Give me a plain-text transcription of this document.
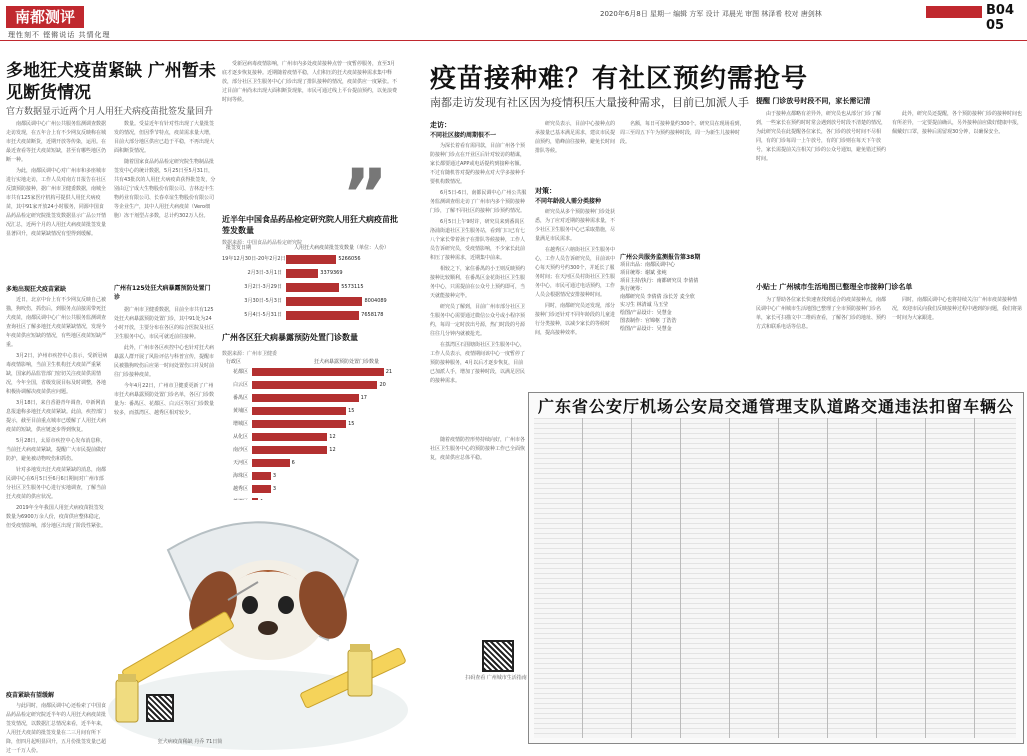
南都测评
理性刻不 铿锵说话 共情化理
2020年6月8日 星期一 编辑 方军 设计 邓晨光 审图 林泽希 校对 唐剑林	B04 05
多地狂犬疫苗紧缺 广州暂未见断货情况
官方数据显示近两个月人用狂犬病疫苗批签发量回升

南都民调中心广州公共服务监测调查数据走访发现，在五年合上有不少网友反映称在城市狂犬疫苗断货，近期开放等传染，运用。在最近查看等狂犬疫苗短缺，甚至有哪些地区仍断一种。

为此，南都民调中心对广州市和多座城市进行实地走访，工作人员对南方日报告在社区反馈预防接种，据广州市卫健委数据，南城全市共有125家医疗机构可提供人用狂犬病疫苗，其中91家开放24小时服务，同源中国食品药品检定研究院批签发数据显示广品公开情况汇总，近两个月的人用狂犬病疫苗批签发量显著回升，疫苗紧缺情况有望得到缓解。

多地出现狂犬疫苗紧缺

近日，北京中台上有不少网友反映自己被猫，狗咬伤，抓伤后，到服务点前接需带死狂犬疫苗，南都民调中心广州公共服务监测调查查询社区了解多地狂犬疫苗紧缺情况，发现今年疫苗供应短缺的情况，有些地区疫苗短缺严重。

3月2日，泸州市疾控中心表示，受新冠病毒疫情影响，当前卫生机构狂犬疫苗严重紧缺，国家药品监管部门密切关注疫苗供需情况，今年全国，省级发展目标及时调整，各地积极协调解决疫苗供应问题。

3月18日，来自香港青年调查，中新网消息报道称多地狂犬疫苗紧缺。此前，疾控部门提示，截至目前重点城市已缓解了人用狂犬病疫苗的短缺，供应链逐步得到恢复。

5月28日，太原市疾控中心发布消息称，当前狂犬病疫苗紧缺，提醒广大市民提前做好防护，避免被动物咬伤和抓伤。

针对多地发出狂犬疫苗紧缺的消息，南都民调中心在6月5日至6月6日期间对广州市部分社区卫生服务中心进行实地调查，了解当前狂犬疫苗的供应状况。

2019年全年我国人用狂犬病疫苗批签发数量为6900万余人份，疫苗供应整体稳定，但受疫情影响，部分地区出现了阶段性紧张。

疫苗紧缺有望缓解

与此同时，南都民调中心还检索了中国食品药品检定研究院近半年的人用狂犬病疫苗批签发情况，以数据汇总情况来看，近半年来，人用狂犬疫苗的批签发量在二三月间有所下降，但四月起明显回升，五月份批签发量已超过一千万人份。

数量。受益近年有针对性出现了大量批签发的情况，但因季节特点，疫苗需求量大增，目前大部分地区供应已趋于平稳，不再出现大面积断货情况。

随着国家食品药品检定研究院生物制品批签发中心的统计数据，5月25日至5月31日，共有43批次的人用狂犬病疫苗获得批签发，分别由辽宁成大生物股份有限公司、吉林迈丰生物药业有限公司、长春卓谊生物股份有限公司等企业生产，其中人用狂犬病疫苗（Vero细胞）冻干剂型占多数，总计约302万人份。

广州有125处狂犬病暴露预防处置门诊

据广州市卫健委数据，目前全市共有125处狂犬病暴露预防处置门诊，其中91处为24小时开放，主要分布在各区的综合医院及社区卫生服务中心，市民可就近前往接种。

此外，广州市各区疾控中心也针对狂犬病暴露人群开展了风险评估与科普宣传，提醒市民被猫狗咬伤后应第一时间处置伤口并及时前往门诊接种疫苗。

今年4月22日，广州市卫健委更新了广州市狂犬病暴露预防处置门诊名单，各区门诊数量为：番禺区、花都区、白云区等区门诊数量较多，而荔湾区、越秀区相对较少。

受新冠病毒疫情影响，广州市内多处疫苗接种点曾一度暂停服务，直至3月底才逐步恢复接种。近期随着疫情平稳，人们积压的狂犬疫苗接种需求集中释放，部分社区卫生服务中心门诊出现了排队接种的情况，疫苗供应一度紧张。不过目前广州尚未出现大面积断货现象，市民可通过线上平台提前预约，以免浪费时间等候。

”
近半年中国食品药品检定研究院人用狂犬病疫苗批签发数量
数据来源：中国食品药品检定研究院
批签发日期	人用狂犬病疫苗批签发数量（单位：人份）
19年12月30日-20年2月2日	5266056
2月3日-3月1日	3379369
3月2日-3月29日	5573115
3月30日-5月3日	8004089
5月4日-5月31日	7658178
广州各区狂犬病暴露预防处置门诊数量
数据来源：广州市卫健委
行政区	狂犬病暴露预防处置门诊数量
花都区	21
白云区	20
番禺区	17
黄埔区	15
增城区	15
从化区	12
南沙区	12
天河区	6
海珠区	3
越秀区	3
狂犬病疫苗稀缺 丹乔 71日简
疫苗接种难？有社区预约需抢号
南都走访发现有社区因为疫情积压大量接种需求，目前已加派人手
走访：
不同社区接约周期很不一

为深长着看有需同款，目前广州各个预防接种门诊点在开业区后针对较访的精谋，家长都要通过APP或电话提约到接种名额。不过有随机答对提约接种点对大学多接种手要机构数情况。

6月5日-6日，南都民调中心广州公共服务监测调查组走访了广州市内多个预防接种门诊，了解不同社区的接种门诊预约情况。

6月5日上午9时许，研究员来到番禺区洛浦街道社区卫生服务站，看到门口已有七八个家长带着孩子在排队等候接种，工作人员告诉研究员，受疫情影响，不少家长此前积压了接种需求，近期集中前来。

相较之下，家住番禺的小王则反映预约接种比较顺利，在番禺区金花街社区卫生服务中心，只需提前在公众号上预约即可，当天就能接种完毕。

研究员了解到，目前广州市部分社区卫生服务中心需要通过微信公众号或小程序预约，每周一定时放出号源，热门时段的号源往往几分钟内就被抢光。

在荔湾区石围塘街社区卫生服务中心，工作人员表示，疫情期间该中心一度暂停了预防接种服务，4月以后才逐步恢复，目前已加派人手，增加了接种时段，以满足居民的接种需求。

随着疫情防控形势持续向好，广州市各社区卫生服务中心的预防接种工作已全面恢复，疫苗供应总体平稳。

研究员表示，目前中心接种点的承接量已基本满足需求，建议市民提前预约，错峰前往接种，避免长时间排队等候。

对策：
不同年龄段人需分类接种

研究员从多个预防接种门诊处获悉，为了应对近期的接种需求量，不少社区卫生服务中心已采取措施，尽量满足市民需求。

在越秀区六榕街社区卫生服务中心，工作人员告诉研究员，目前该中心每天预约号约300个，并延长了服务时间；在天河区员村街社区卫生服务中心，市民可通过电话预约，工作人员会根据情况安排接种时间。

同时，南都研究员还发现，部分接种门诊还针对不同年龄段的儿童进行分类接种，以减少家长的等候时间，提高接种效率。

名额，每日可接种量约300个。研究员在现场看到，周三至周五下午为预约接种时段，周一为新生儿接种时段。

广州公共服务监测报告第38期
项目出品：南都民调中心
项目统筹：谢斌 张纯
项目主持/执行：南都研究员 李倩倩
执行统筹：
南都研究员 李倩倩 涂长芳 麦全欣
实习生 林清诚 马玉莹
绘图/产品设计：吴慧金
图表制作：官锦枢 丁浩浩
绘图/产品设计：吴慧金
扫码查看 广州城市生活指南
提醒 门诊放号时段不同，家长需记清

由于接种点都略有差异外，研究员也从部分门诊了解到，一些家长在预约时时常会遇到放号时段不清楚的情况，为此研究员在此提醒各位家长，各门诊的放号时间不尽相同，有的门诊每周一上午放号，有的门诊则在每天下午放号，家长需提前关注相关门诊的公众号通知，避免错过预约时间。

此外，研究员还提醒，各个预防接种门诊的接种时间也有所差异，一定要提前确认，另外接种前应做好健康申报，佩戴好口罩，接种后需留观30分钟，以确保安全。

小贴士 广州城市生活地图已整理全市接种门诊名单

为了帮助各位家长快速查找到适合的疫苗接种点，南都民调中心广州城市生活地图已整理了全市预防接种门诊名单，家长可扫描文中二维码查看，了解各门诊的地址、预约方式和联系电话等信息。

同时，南都民调中心也将持续关注广州市疫苗接种情况，欢迎市民向我们反映接种过程中遇到的问题，我们将第一时间为大家跟进。

广东省公安厅机场公安局交通管理支队道路交通违法扣留车辆公
